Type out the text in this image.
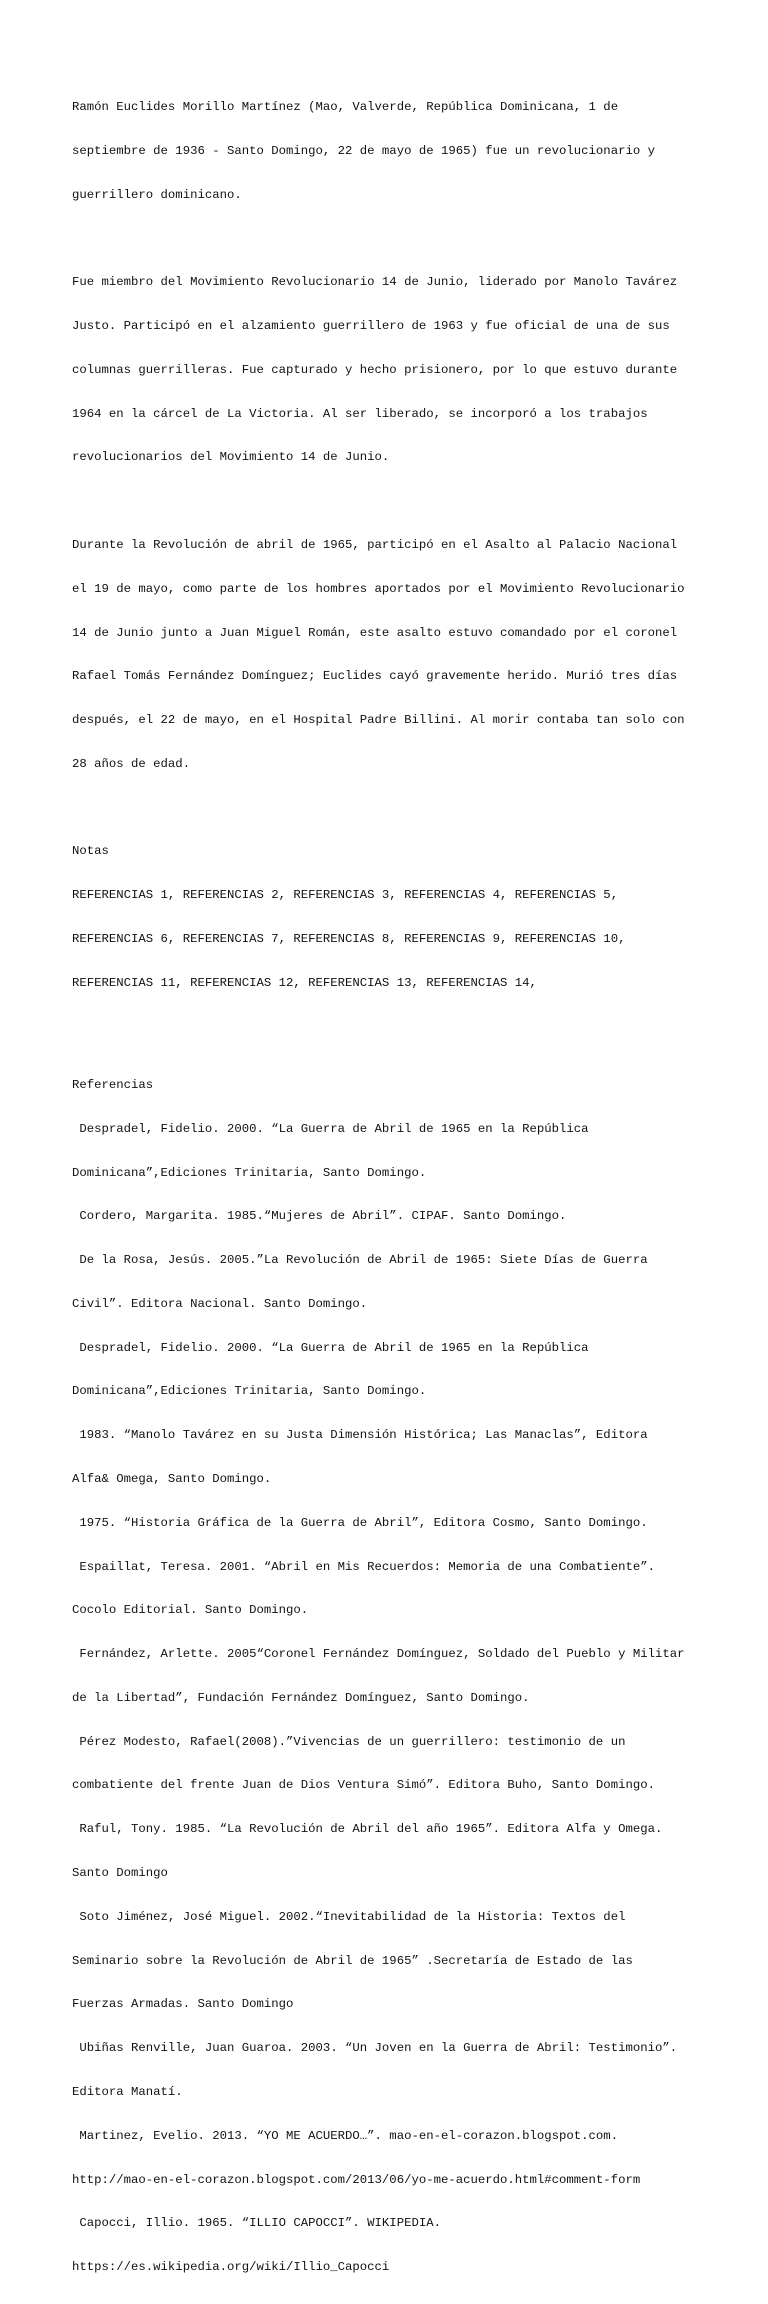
Ramón Euclides Morillo Martínez (Mao, Valverde, República Dominicana, 1 de

septiembre de 1936 - Santo Domingo, 22 de mayo de 1965) fue un revolucionario y

guerrillero dominicano.

Fue miembro del Movimiento Revolucionario 14 de Junio, liderado por Manolo Tavárez

Justo. Participó en el alzamiento guerrillero de 1963 y fue oficial de una de sus

columnas guerrilleras. Fue capturado y hecho prisionero, por lo que estuvo durante

1964 en la cárcel de La Victoria. Al ser liberado, se incorporó a los trabajos

revolucionarios del Movimiento 14 de Junio.

Durante la Revolución de abril de 1965, participó en el Asalto al Palacio Nacional

el 19 de mayo, como parte de los hombres aportados por el Movimiento Revolucionario

14 de Junio junto a Juan Miguel Román, este asalto estuvo comandado por el coronel

Rafael Tomás Fernández Domínguez; Euclides cayó gravemente herido. Murió tres días

después, el 22 de mayo, en el Hospital Padre Billini. Al morir contaba tan solo con

28 años de edad.

Notas

REFERENCIAS 1, REFERENCIAS 2, REFERENCIAS 3, REFERENCIAS 4, REFERENCIAS 5,

REFERENCIAS 6, REFERENCIAS 7, REFERENCIAS 8, REFERENCIAS 9, REFERENCIAS 10,

REFERENCIAS 11, REFERENCIAS 12, REFERENCIAS 13, REFERENCIAS 14,

Referencias

Despradel, Fidelio. 2000. “La Guerra de Abril de 1965 en la República

Dominicana”,Ediciones Trinitaria, Santo Domingo.

Cordero, Margarita. 1985.“Mujeres de Abril”. CIPAF. Santo Domingo.

De la Rosa, Jesús. 2005.”La Revolución de Abril de 1965: Siete Días de Guerra

Civil”. Editora Nacional. Santo Domingo.

Despradel, Fidelio. 2000. “La Guerra de Abril de 1965 en la República

Dominicana”,Ediciones Trinitaria, Santo Domingo.

1983. “Manolo Tavárez en su Justa Dimensión Histórica; Las Manaclas”, Editora

Alfa& Omega, Santo Domingo.

1975. “Historia Gráfica de la Guerra de Abril”, Editora Cosmo, Santo Domingo.

Espaillat, Teresa. 2001. “Abril en Mis Recuerdos: Memoria de una Combatiente”.

Cocolo Editorial. Santo Domingo.

Fernández, Arlette. 2005“Coronel Fernández Domínguez, Soldado del Pueblo y Militar

de la Libertad”, Fundación Fernández Domínguez, Santo Domingo.

Pérez Modesto, Rafael(2008).”Vivencias de un guerrillero: testimonio de un

combatiente del frente Juan de Dios Ventura Simó”. Editora Buho, Santo Domingo.

Raful, Tony. 1985. “La Revolución de Abril del año 1965”. Editora Alfa y Omega.

Santo Domingo

Soto Jiménez, José Miguel. 2002.“Inevitabilidad de la Historia: Textos del

Seminario sobre la Revolución de Abril de 1965” .Secretaría de Estado de las

Fuerzas Armadas. Santo Domingo

Ubiñas Renville, Juan Guaroa. 2003. “Un Joven en la Guerra de Abril: Testimonio”.

Editora Manatí.

Martinez, Evelio. 2013. “YO ME ACUERDO…”. mao-en-el-corazon.blogspot.com.

http://mao-en-el-corazon.blogspot.com/2013/06/yo-me-acuerdo.html#comment-form

Capocci, Illio. 1965. “ILLIO CAPOCCI”. WIKIPEDIA.

https://es.wikipedia.org/wiki/Illio_Capocci
